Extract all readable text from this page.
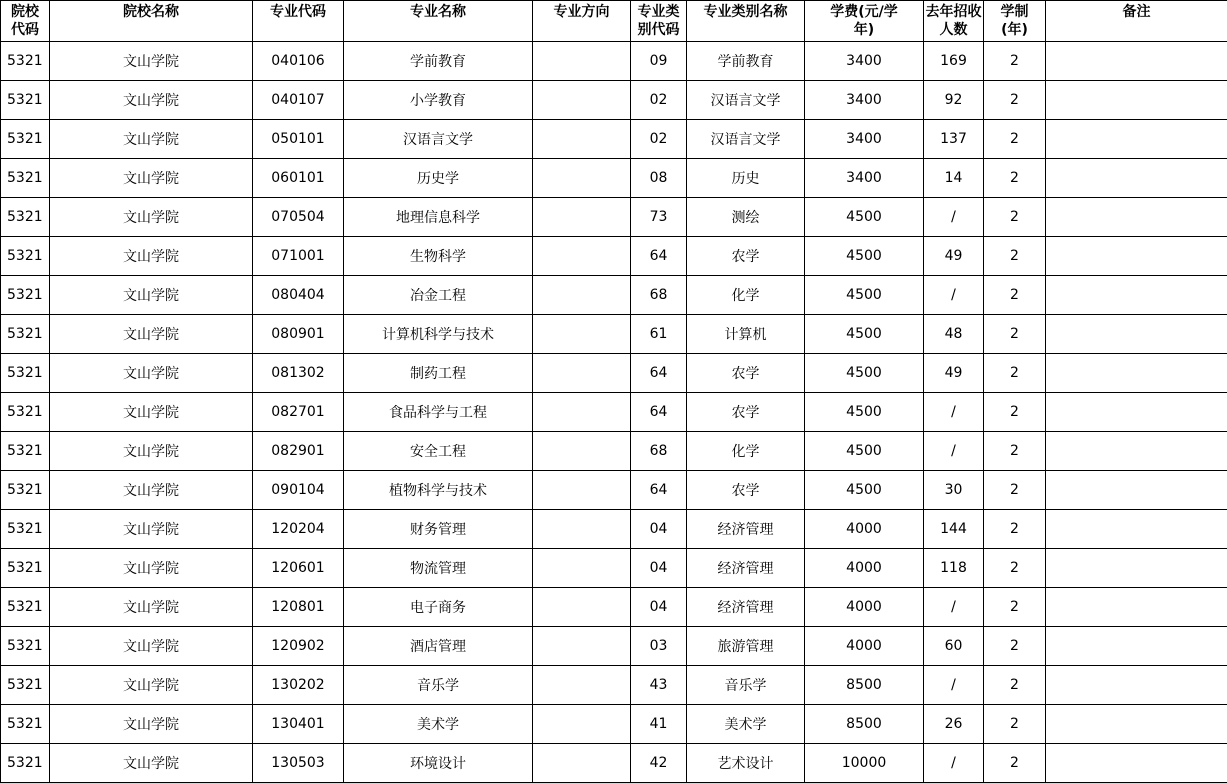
院校代码	院校名称	专业代码	专业名称	专业方向	专业类别代码	专业类别名称	学费(元/学年)	去年招收人数	学制(年)	备注
5321	文山学院	040106	学前教育		09	学前教育	3400	169	2	
5321	文山学院	040107	小学教育		02	汉语言文学	3400	92	2	
5321	文山学院	050101	汉语言文学		02	汉语言文学	3400	137	2	
5321	文山学院	060101	历史学		08	历史	3400	14	2	
5321	文山学院	070504	地理信息科学		73	测绘	4500	/	2	
5321	文山学院	071001	生物科学		64	农学	4500	49	2	
5321	文山学院	080404	冶金工程		68	化学	4500	/	2	
5321	文山学院	080901	计算机科学与技术		61	计算机	4500	48	2	
5321	文山学院	081302	制药工程		64	农学	4500	49	2	
5321	文山学院	082701	食品科学与工程		64	农学	4500	/	2	
5321	文山学院	082901	安全工程		68	化学	4500	/	2	
5321	文山学院	090104	植物科学与技术		64	农学	4500	30	2	
5321	文山学院	120204	财务管理		04	经济管理	4000	144	2	
5321	文山学院	120601	物流管理		04	经济管理	4000	118	2	
5321	文山学院	120801	电子商务		04	经济管理	4000	/	2	
5321	文山学院	120902	酒店管理		03	旅游管理	4000	60	2	
5321	文山学院	130202	音乐学		43	音乐学	8500	/	2	
5321	文山学院	130401	美术学		41	美术学	8500	26	2	
5321	文山学院	130503	环境设计		42	艺术设计	10000	/	2	
